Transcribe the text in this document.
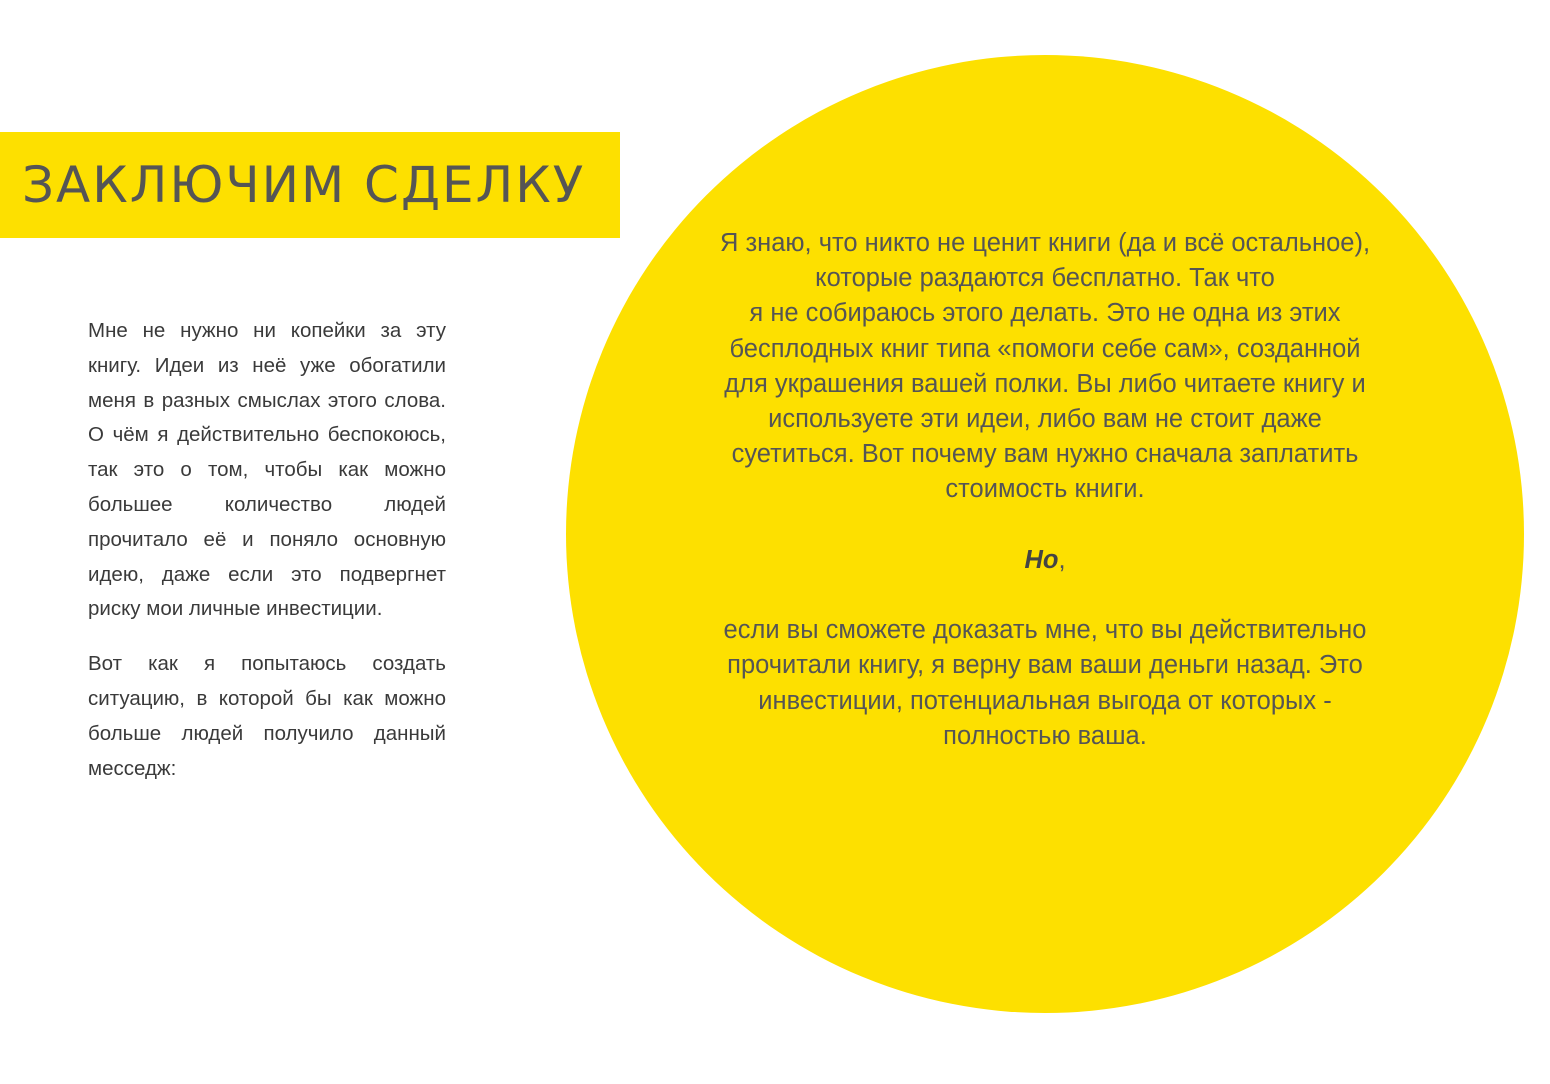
ЗАКЛЮЧИМ СДЕЛКУ

Мне не нужно ни копейки за эту книгу. Идеи из неё уже обогатили меня в разных смыслах этого слова. О чём я действительно беспокоюсь, так это о том, чтобы как можно большее количество людей прочитало её и поняло основную идею, даже если это подвергнет риску мои личные инвестиции.

Вот как я попытаюсь создать ситуацию, в которой бы как можно больше людей получило данный месседж:

Я знаю, что никто не ценит книги (да и всё остальное), которые раздаются бесплатно. Так что

я не собираюсь этого делать. Это не одна из этих бесплодных книг типа «помоги себе сам», созданной для украшения вашей полки. Вы либо читаете книгу и используете эти идеи, либо вам не стоит даже суетиться. Вот почему вам нужно сначала заплатить стоимость книги.

Но,

если вы сможете доказать мне, что вы действительно прочитали книгу, я верну вам ваши деньги назад. Это инвестиции, потенциальная выгода от которых - полностью ваша.
